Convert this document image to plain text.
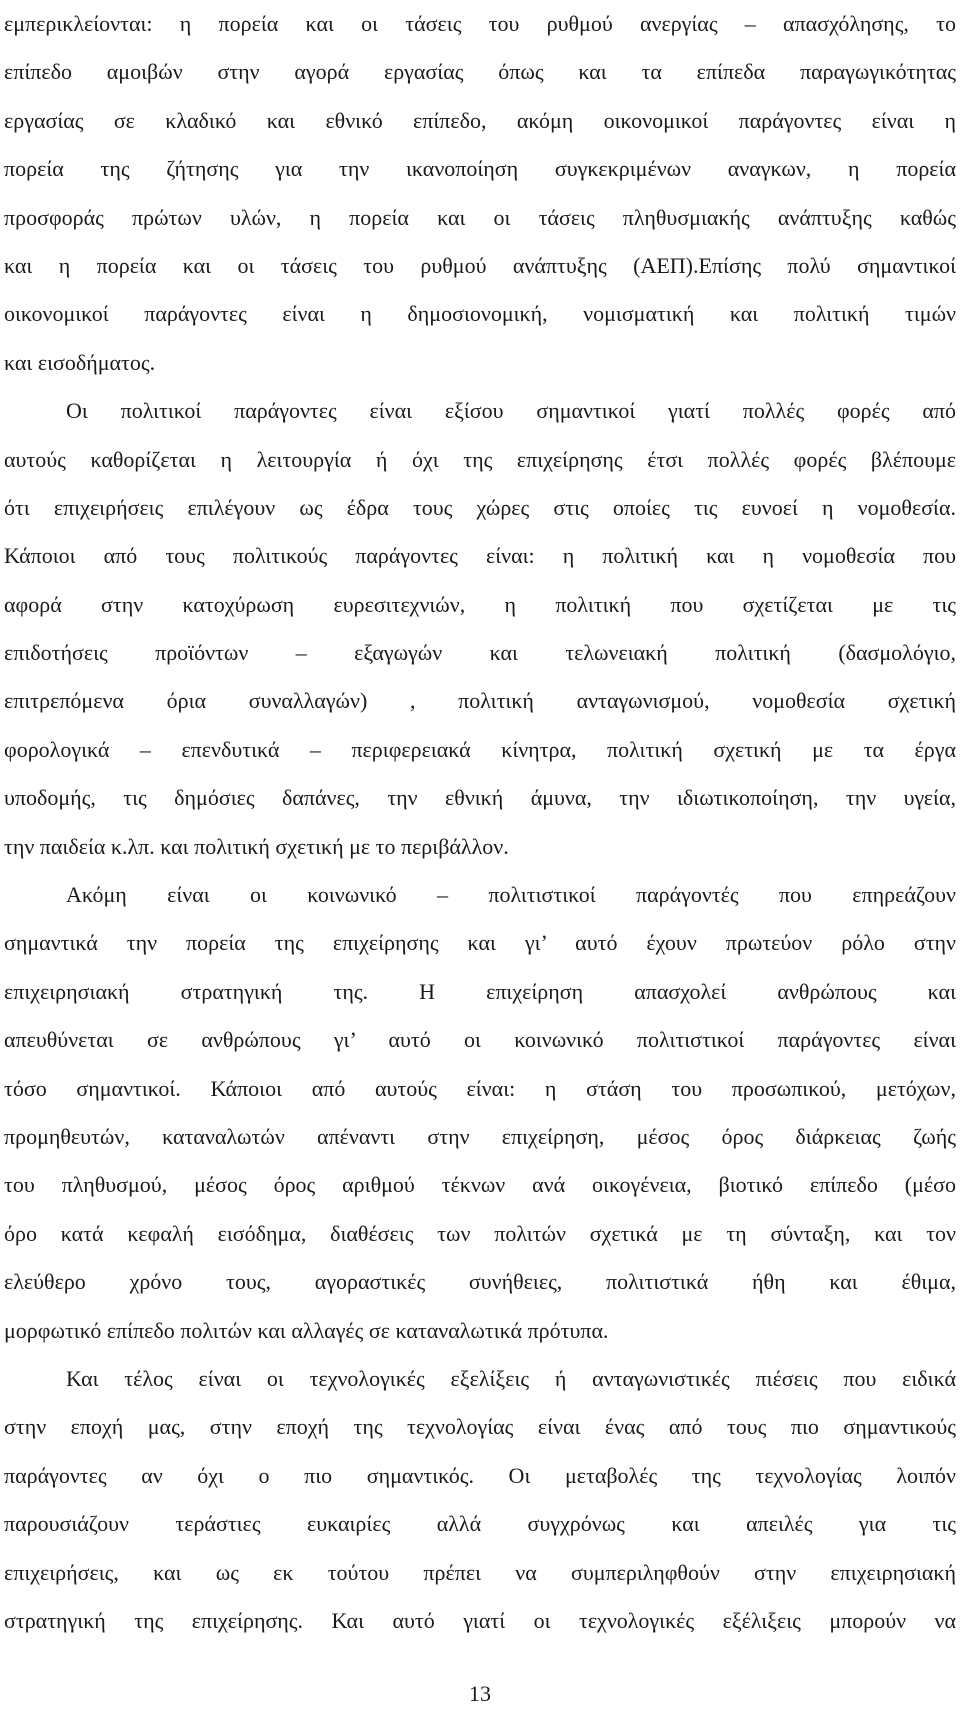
εμπερικλείονται: η πορεία και οι τάσεις του ρυθμού ανεργίας – απασχόλησης, το
επίπεδο αμοιβών στην αγορά εργασίας όπως και τα επίπεδα παραγωγικότητας
εργασίας σε κλαδικό και εθνικό επίπεδο, ακόμη οικονομικοί παράγοντες είναι η
πορεία της ζήτησης για την ικανοποίηση συγκεκριμένων αναγκων, η πορεία
προσφοράς πρώτων υλών, η πορεία και οι τάσεις πληθυσμιακής ανάπτυξης καθώς
και η πορεία και οι τάσεις του ρυθμού ανάπτυξης (ΑΕΠ).Επίσης πολύ σημαντικοί
οικονομικοί παράγοντες είναι η δημοσιονομική, νομισματική και πολιτική τιμών
και εισοδήματος.
Οι πολιτικοί παράγοντες είναι εξίσου σημαντικοί γιατί πολλές φορές από
αυτούς καθορίζεται η λειτουργία ή όχι της επιχείρησης έτσι πολλές φορές βλέπουμε
ότι επιχειρήσεις επιλέγουν ως έδρα τους χώρες στις οποίες τις ευνοεί η νομοθεσία.
Κάποιοι από τους πολιτικούς παράγοντες είναι: η πολιτική και η νομοθεσία που
αφορά στην κατοχύρωση ευρεσιτεχνιών, η πολιτική που σχετίζεται με τις
επιδοτήσεις προϊόντων – εξαγωγών και τελωνειακή πολιτική (δασμολόγιο,
επιτρεπόμενα όρια συναλλαγών) , πολιτική ανταγωνισμού, νομοθεσία σχετική
φορολογικά – επενδυτικά – περιφερειακά κίνητρα, πολιτική σχετική με τα έργα
υποδομής, τις δημόσιες δαπάνες, την εθνική άμυνα, την ιδιωτικοποίηση, την υγεία,
την παιδεία κ.λπ. και πολιτική σχετική με το περιβάλλον.
Ακόμη είναι οι κοινωνικό – πολιτιστικοί παράγοντές που επηρεάζουν
σημαντικά την πορεία της επιχείρησης και γι’ αυτό έχουν πρωτεύον ρόλο στην
επιχειρησιακή στρατηγική της. Η επιχείρηση απασχολεί ανθρώπους και
απευθύνεται σε ανθρώπους γι’ αυτό οι κοινωνικό πολιτιστικοί παράγοντες είναι
τόσο σημαντικοί. Κάποιοι από αυτούς είναι: η στάση του προσωπικού, μετόχων,
προμηθευτών, καταναλωτών απέναντι στην επιχείρηση, μέσος όρος διάρκειας ζωής
του πληθυσμού, μέσος όρος αριθμού τέκνων ανά οικογένεια, βιοτικό επίπεδο (μέσο
όρο κατά κεφαλή εισόδημα, διαθέσεις των πολιτών σχετικά με τη σύνταξη, και τον
ελεύθερο χρόνο τους, αγοραστικές συνήθειες, πολιτιστικά ήθη και έθιμα,
μορφωτικό επίπεδο πολιτών και αλλαγές σε καταναλωτικά πρότυπα.
Και τέλος είναι οι τεχνολογικές εξελίξεις ή ανταγωνιστικές πιέσεις που ειδικά
στην εποχή μας, στην εποχή της τεχνολογίας είναι ένας από τους πιο σημαντικούς
παράγοντες αν όχι ο πιο σημαντικός. Οι μεταβολές της τεχνολογίας λοιπόν
παρουσιάζουν τεράστιες ευκαιρίες αλλά συγχρόνως και απειλές για τις
επιχειρήσεις, και ως εκ τούτου πρέπει να συμπεριληφθούν στην επιχειρησιακή
στρατηγική της επιχείρησης. Και αυτό γιατί οι τεχνολογικές εξέλιξεις μπορούν να
13
